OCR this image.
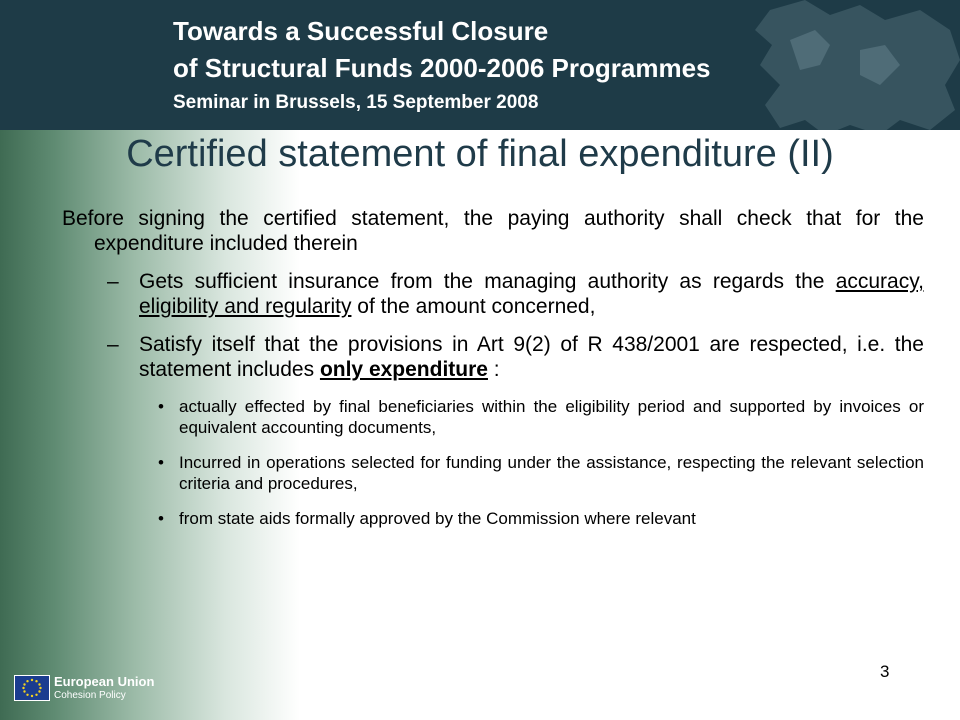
Towards a Successful Closure
of Structural Funds 2000-2006 Programmes
Seminar in Brussels, 15 September 2008
Certified statement of final expenditure (II)

Before signing the certified statement, the paying authority shall check that for the expenditure included therein

– Gets sufficient insurance from the managing authority as regards the accuracy, eligibility and regularity of the amount concerned,
– Satisfy itself that the provisions in Art 9(2) of R 438/2001 are respected, i.e. the statement includes only expenditure :
• actually effected by final beneficiaries within the eligibility period and supported by invoices or equivalent accounting documents,
• Incurred in operations selected for funding under the assistance, respecting the relevant selection criteria and procedures,
• from state aids formally approved by the Commission where relevant
3
European Union
Cohesion Policy
